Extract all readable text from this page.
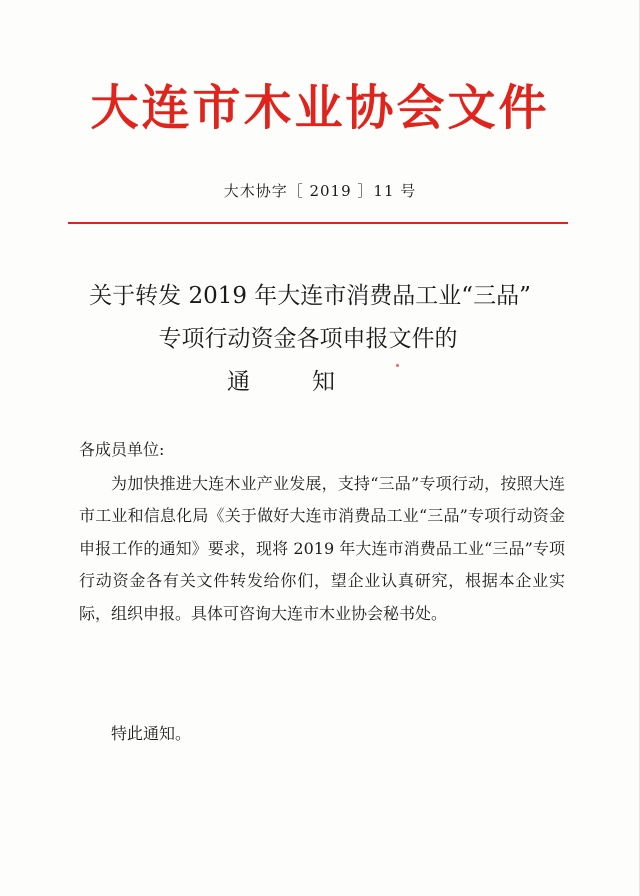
大连市木业协会文件
大木协字［ 2019 ］11 号
关于转发 2019 年大连市消费品工业“三品”
专项行动资金各项申报文件的
通知
各成员单位:
为加快推进大连木业产业发展，支持“三品”专项行动，按照大连市工业和信息化局《关于做好大连市消费品工业“三品”专项行动资金申报工作的通知》要求，现将 2019 年大连市消费品工业“三品”专项行动资金各有关文件转发给你们，望企业认真研究，根据本企业实际，组织申报。具体可咨询大连市木业协会秘书处。
特此通知。
